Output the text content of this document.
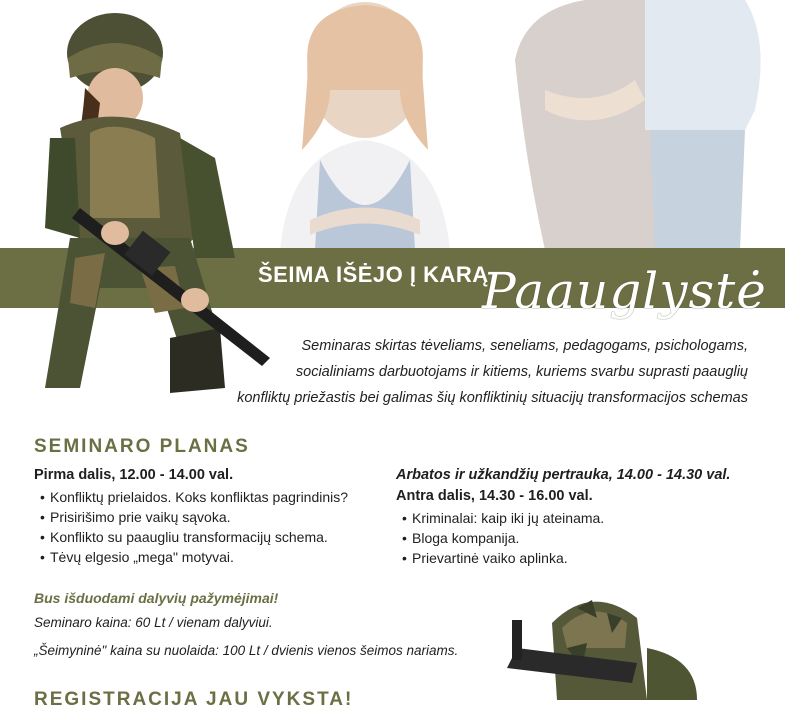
ŠEIMA IŠĖJO Į KARĄ
Paauglystė
Seminaras skirtas tėveliams, seneliams, pedagogams, psichologams,
socialiniams darbuotojams ir kitiems, kuriems svarbu suprasti paauglių
konfliktų priežastis bei galimas šių konfliktinių situacijų transformacijos schemas
SEMINARO PLANAS
Pirma dalis, 12.00 - 14.00 val.
• Konfliktų prielaidos. Koks konfliktas pagrindinis?
• Prisirišimo prie vaikų sąvoka.
• Konflikto su paaugliu transformacijų schema.
• Tėvų elgesio „mega" motyvai.
Arbatos ir užkandžių pertrauka, 14.00 - 14.30 val.
Antra dalis, 14.30 - 16.00 val.
• Kriminalai: kaip iki jų ateinama.
• Bloga kompanija.
• Prievartinė vaiko aplinka.
Bus išduodami dalyvių pažymėjimai!
Seminaro kaina: 60 Lt / vienam dalyviui.
„Šeimyninė" kaina su nuolaida: 100 Lt / dvienis vienos šeimos nariams.
REGISTRACIJA JAU VYKSTA!
